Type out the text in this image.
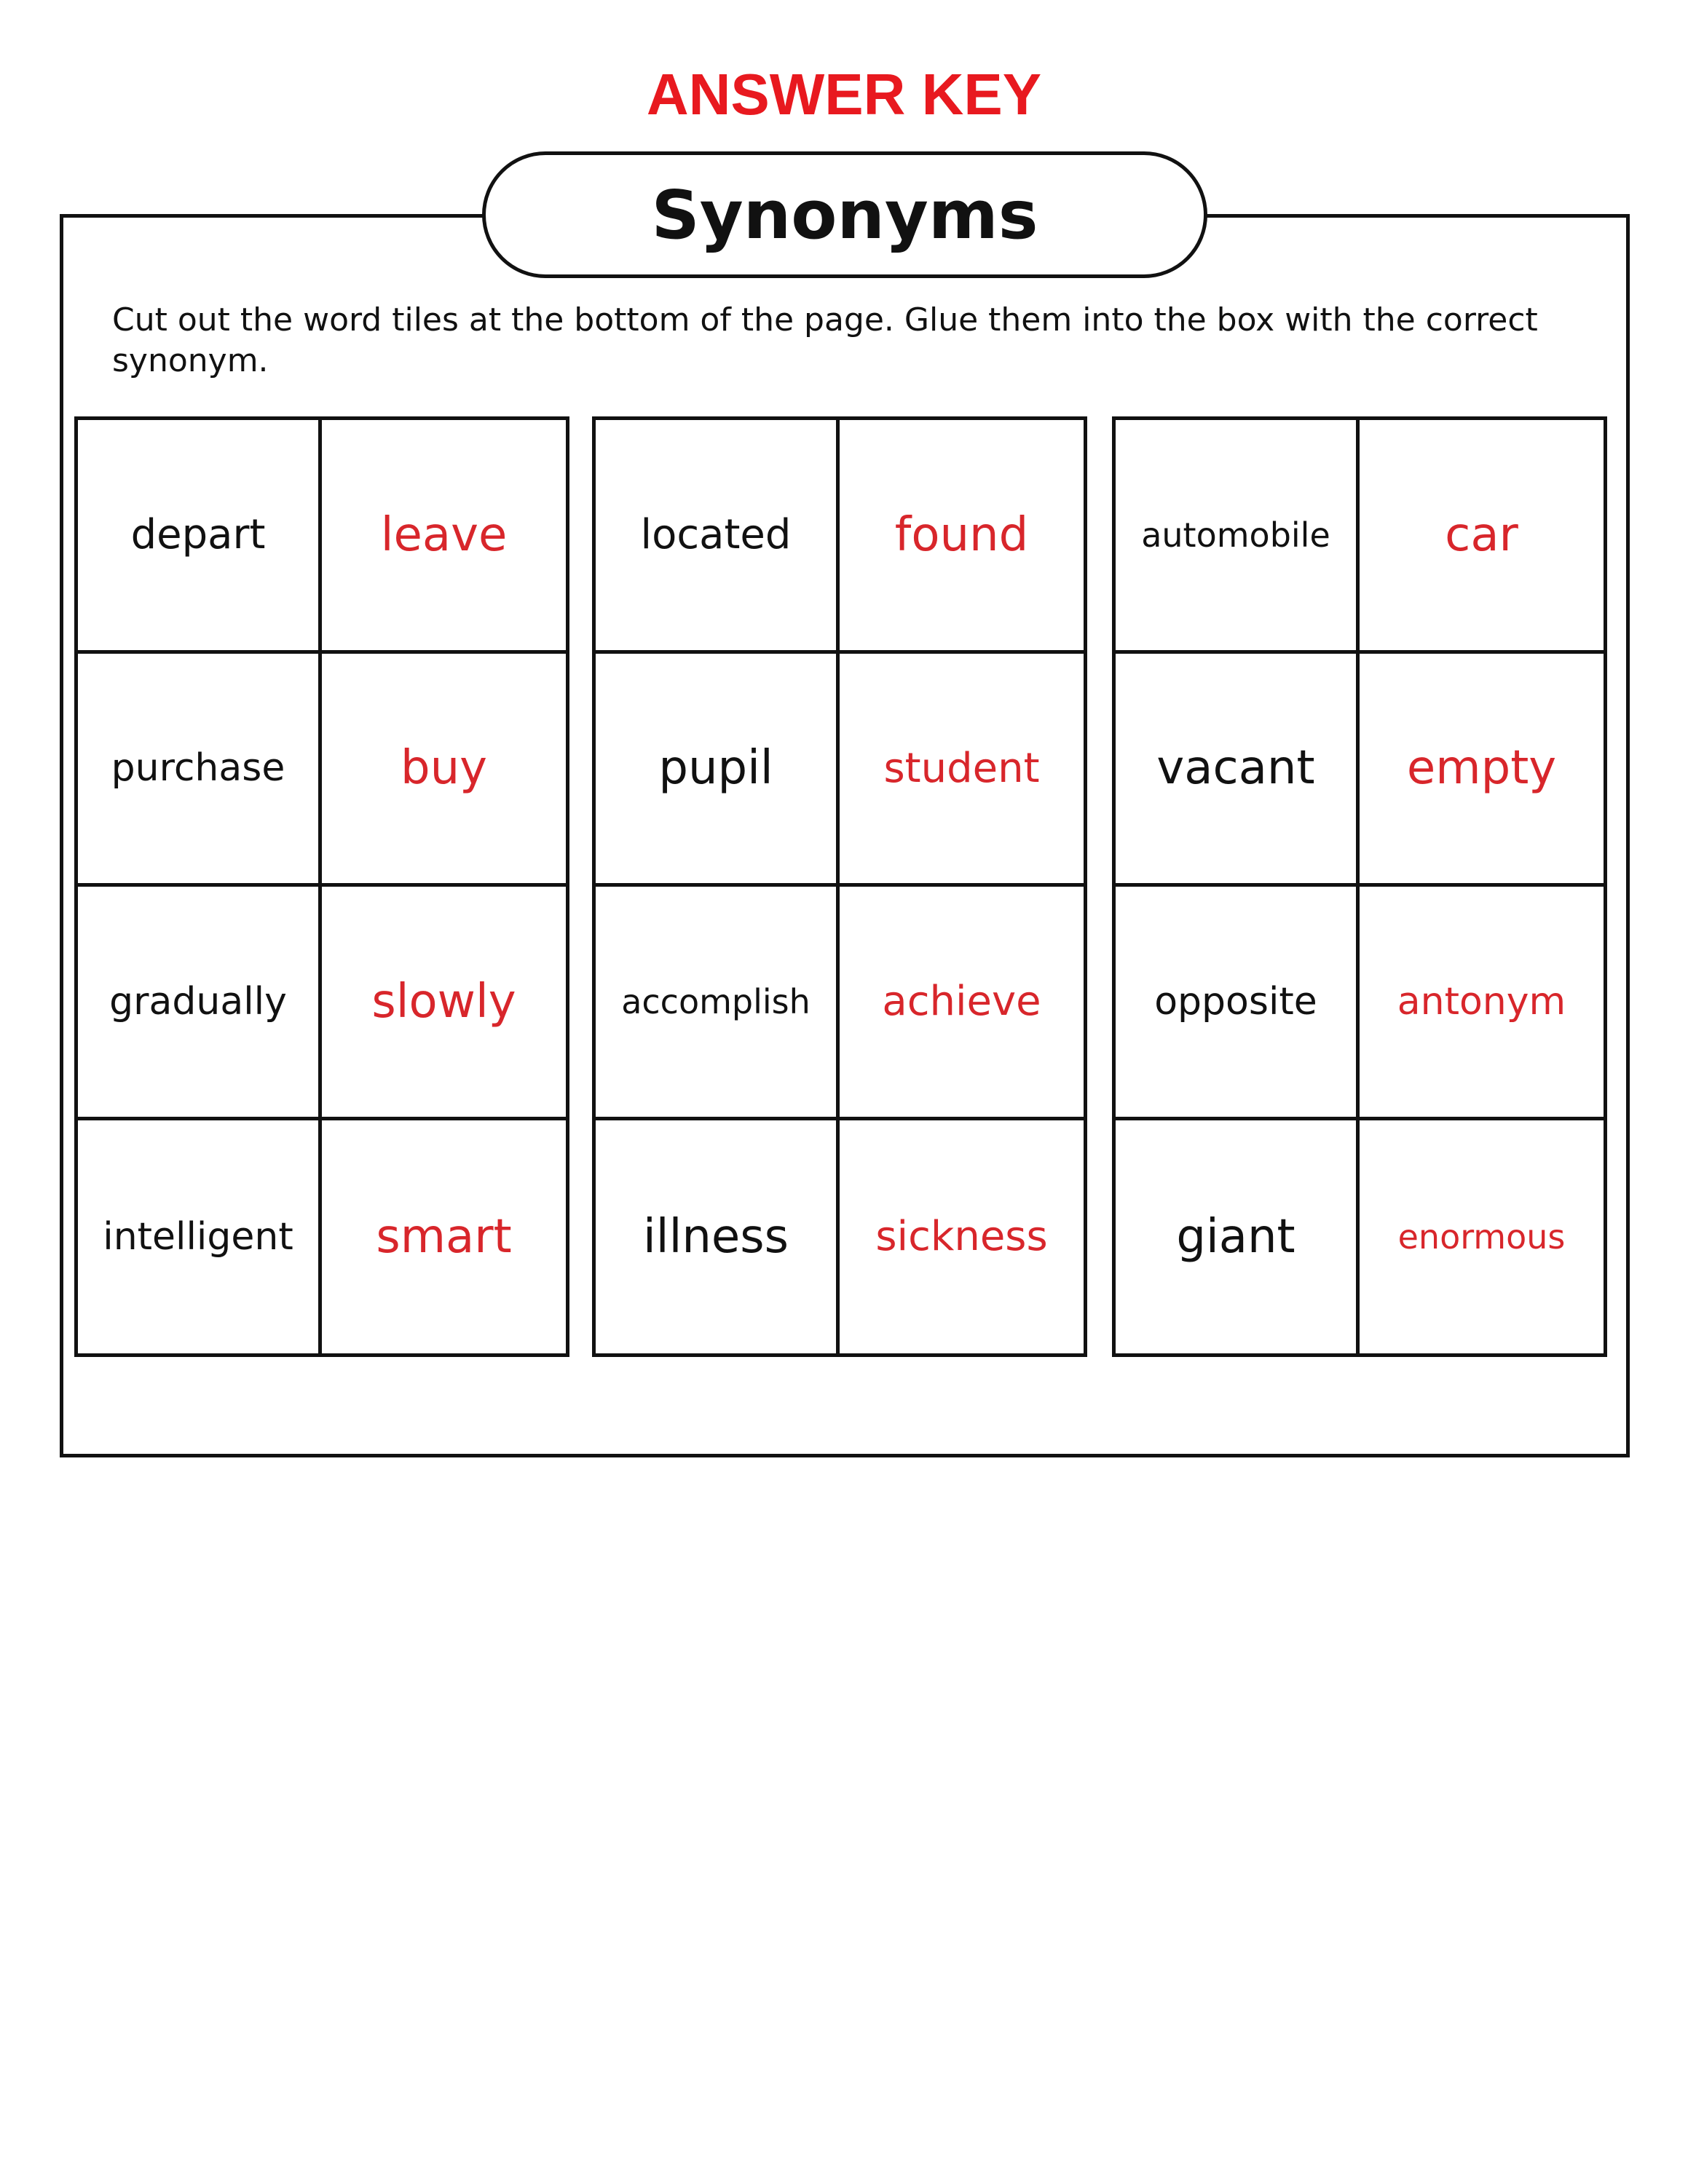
ANSWER KEY
Synonyms
Cut out the word tiles at the bottom of the page. Glue them into the box with the correct synonym.
depart	leave
purchase	buy
gradually	slowly
intelligent	smart
located	found
pupil	student
accomplish	achieve
illness	sickness
automobile	car
vacant	empty
opposite	antonym
giant	enormous
